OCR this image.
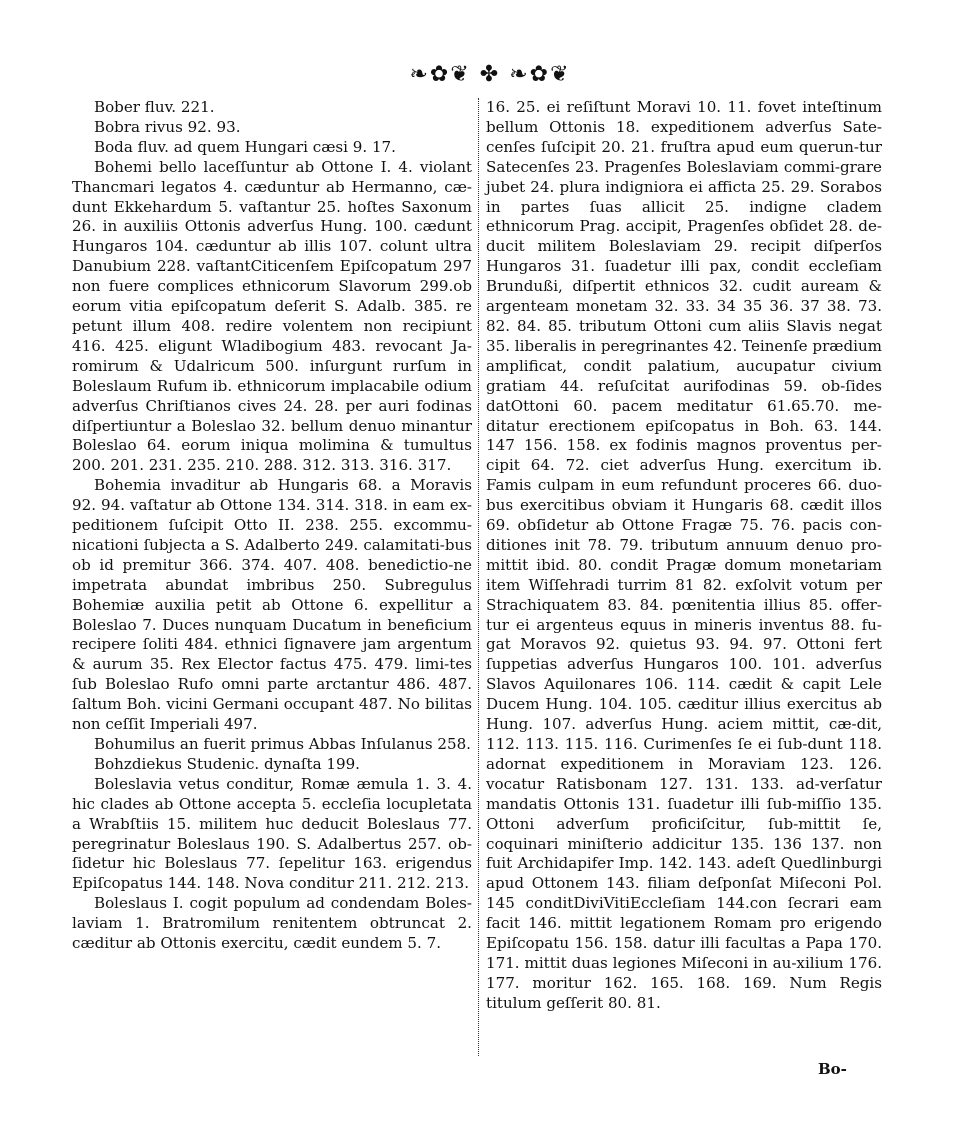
❧✿❦ ✤ ❧✿❦

Bober fluv. 221.

Bobra rivus 92. 93.

Boda fluv. ad quem Hungari cæsi 9. 17.

Bohemi bello laceſſuntur ab Ottone I. 4. violant Thancmari legatos 4. cæduntur ab Hermanno, cæ-dunt Ekkehardum 5. vaſtantur 25. hoſtes Saxonum 26. in auxiliis Ottonis adverſus Hung. 100. cædunt Hungaros 104. cæduntur ab illis 107. colunt ultra Danubium 228. vaſtantCiticenſem Epiſcopatum 297 non fuere complices ethnicorum Slavorum 299.ob eorum vitia epiſcopatum deſerit S. Adalb. 385. re petunt illum 408. redire volentem non recipiunt 416. 425. eligunt Wladibogium 483. revocant Ja-romirum & Udalricum 500. inſurgunt rurſum in Boleslaum Rufum ib. ethnicorum implacabile odium adverſus Chriſtianos cives 24. 28. per auri fodinas diſpertiuntur a Boleslao 32. bellum denuo minantur Boleslao 64. eorum iniqua molimina & tumultus 200. 201. 231. 235. 210. 288. 312. 313. 316. 317.

Bohemia invaditur ab Hungaris 68. a Moravis 92. 94. vaſtatur ab Ottone 134. 314. 318. in eam ex-peditionem ſuſcipit Otto II. 238. 255. excommu-nicationi ſubjecta a S. Adalberto 249. calamitati-bus ob id premitur 366. 374. 407. 408. benedictio-ne impetrata abundat imbribus 250. Subregulus Bohemiæ auxilia petit ab Ottone 6. expellitur a Boleslao 7. Duces nunquam Ducatum in beneficium recipere ſoliti 484. ethnici ſignavere jam argentum & aurum 35. Rex Elector factus 475. 479. limi-tes ſub Boleslao Rufo omni parte arctantur 486. 487. ſaltum Boh. vicini Germani occupant 487. No bilitas non ceſſit Imperiali 497.

Bohumilus an fuerit primus Abbas Inſulanus 258.

Bohzdiekus Studenic. dynaſta 199.

Boleslavia vetus conditur, Romæ æmula 1. 3. 4. hic clades ab Ottone accepta 5. eccleſia locupletata a Wrabſtiis 15. militem huc deducit Boleslaus 77. peregrinatur Boleslaus 190. S. Adalbertus 257. ob-ſidetur hic Boleslaus 77. ſepelitur 163. erigendus Epiſcopatus 144. 148. Nova conditur 211. 212. 213.

Boleslaus I. cogit populum ad condendam Boles-laviam 1. Bratromilum renitentem obtruncat 2. cæditur ab Ottonis exercitu, cædit eundem 5. 7.

16. 25. ei reſiſtunt Moravi 10. 11. fovet inteſtinum bellum Ottonis 18. expeditionem adverſus Sate-cenſes ſuſcipit 20. 21. fruſtra apud eum querun-tur Satecenſes 23. Pragenſes Boleslaviam commi-grare jubet 24. plura indigniora ei affiсta 25. 29. Sorabos in partes ſuas allicit 25. indigne cladem ethnicorum Prag. accipit, Pragenſes obſidet 28. de-ducit militem Boleslaviam 29. recipit diſperſos Hungaros 31. ſuadetur illi pax, condit eccleſiam Brundußi, diſpertit ethnicos 32. cudit auream & argenteam monetam 32. 33. 34 35 36. 37 38. 73. 82. 84. 85. tributum Ottoni cum aliis Slavis negat 35. liberalis in peregrinantes 42. Teinenſe prædium amplificat, condit palatium, aucupatur civium gratiam 44. reſuſcitat aurifodinas 59. ob-ſides datOttoni 60. pacem meditatur 61.65.70. me-ditatur erectionem epiſcopatus in Boh. 63. 144. 147 156. 158. ex fodinis magnos proventus per-cipit 64. 72. ciet adverſus Hung. exercitum ib. Famis culpam in eum refundunt proceres 66. duo-bus exercitibus obviam it Hungaris 68. cædit illos 69. obſidetur ab Ottone Fragæ 75. 76. pacis con-ditiones init 78. 79. tributum annuum denuo pro-mittit ibid. 80. condit Pragæ domum monetariam item Wiſſehradi turrim 81 82. exſolvit votum per Strachiquatem 83. 84. pœnitentia illius 85. offer-tur ei argenteus equus in mineris inventus 88. fu-gat Moravos 92. quietus 93. 94. 97. Ottoni fert ſuppetias adverſus Hungaros 100. 101. adverſus Slavos Aquilonares 106. 114. cædit & capit Lele Ducem Hung. 104. 105. cæditur illius exercitus ab Hung. 107. adverſus Hung. aciem mittit, cæ-dit, 112. 113. 115. 116. Curimenſes ſe ei ſub-dunt 118. adornat expeditionem in Moraviam 123. 126. vocatur Ratisbonam 127. 131. 133. ad-verſatur mandatis Ottonis 131. ſuadetur illi ſub-miſſio 135. Ottoni adverſum proficiſcitur, ſub-mittit ſe, coquinari miniſterio addicitur 135. 136 137. non fuit Archidapifer Imp. 142. 143. adeſt Quedlinburgi apud Ottonem 143. filiam deſponſat Miſeconi Pol. 145 conditDiviVitiEccleſiam 144.con ſecrari eam facit 146. mittit legationem Romam pro erigendo Epiſcopatu 156. 158. datur illi facultas a Papa 170. 171. mittit duas legiones Miſeconi in au-xilium 176. 177. moritur 162. 165. 168. 169. Num Regis titulum geſſerit 80. 81.

Bo-
